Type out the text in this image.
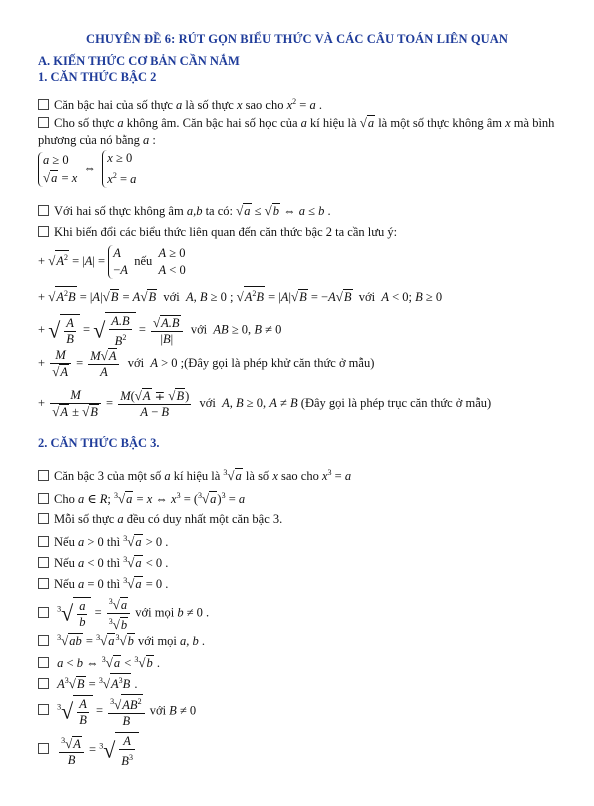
CHUYÊN ĐỀ 6: RÚT GỌN BIỂU THỨC VÀ CÁC CÂU TOÁN LIÊN QUAN
A. KIẾN THỨC CƠ BẢN CẦN NẮM
1. CĂN THỨC BẬC 2
Căn bậc hai của số thực a là số thực x sao cho $x^2 = a$ .
Cho số thực a không âm. Căn bậc hai số học của a kí hiệu là √a là một số thực không âm x mà bình
phương của nó bằng a :
a ≥ 0
√a = x  ⇔  x ≥ 0
$x^2 = a$
Với hai số thực không âm a,b ta có: √a ≤ √b ⇔ a ≤ b .
Khi biến đổi các biểu thức liên quan đến căn thức bậc 2 ta cần lưu ý:
+ $√A^2 = |A| = A$
−A  nếu  A ≥ 0
A < 0
+ $√A^2B = |A|√B = A√B$ với A, B ≥ 0 ; $√A^2B = |A|√B = -A√B$ với A < 0; B ≥ 0
+ √ $\frac{A}{B}$ = √ $\frac{A.B}{B^2} = \frac{√A.B}{|B|}$ với AB ≥ 0, B ≠ 0
+ $\frac{M}{√A} = \frac{M√A}{A}$ với A > 0 ;(Đây gọi là phép khử căn thức ở mẫu)
+ $\frac{M}{√A \pm √B} = \frac{M(√A \mp √B)}{A - B}$ với A, B ≥ 0, A ≠ B (Đây gọi là phép trục căn thức ở mẫu)
2. CĂN THỨC BẬC 3.
Căn bậc 3 của một số a kí hiệu là $^3$√a là số x sao cho $x^3 = a$
Cho a ∈ R; $^3$√a = x ⇔ $x^3 = (^3√a)^3 = a$
Mỗi số thực a đều có duy nhất một căn bậc 3.
Nếu a > 0 thì $^3$√a > 0 .
Nếu a < 0 thì $^3$√a < 0 .
Nếu a = 0 thì $^3$√a = 0 .
$^3√ \frac{a}{b} = \frac{^3√a}{^3√b}$ với mọi b ≠ 0 .
$^3√ab = ^3√a^3√b$ với mọi a, b .
a < b ⇔ $^3$√a < $^3$√b .
$A^3√B = ^3√A^3B$ .
$^3√ \frac{A}{B} = \frac{^3√AB^2}{B}$ với B ≠ 0

$\frac{^3√A}{B} = ^3√ \frac{A}{B^3}$
